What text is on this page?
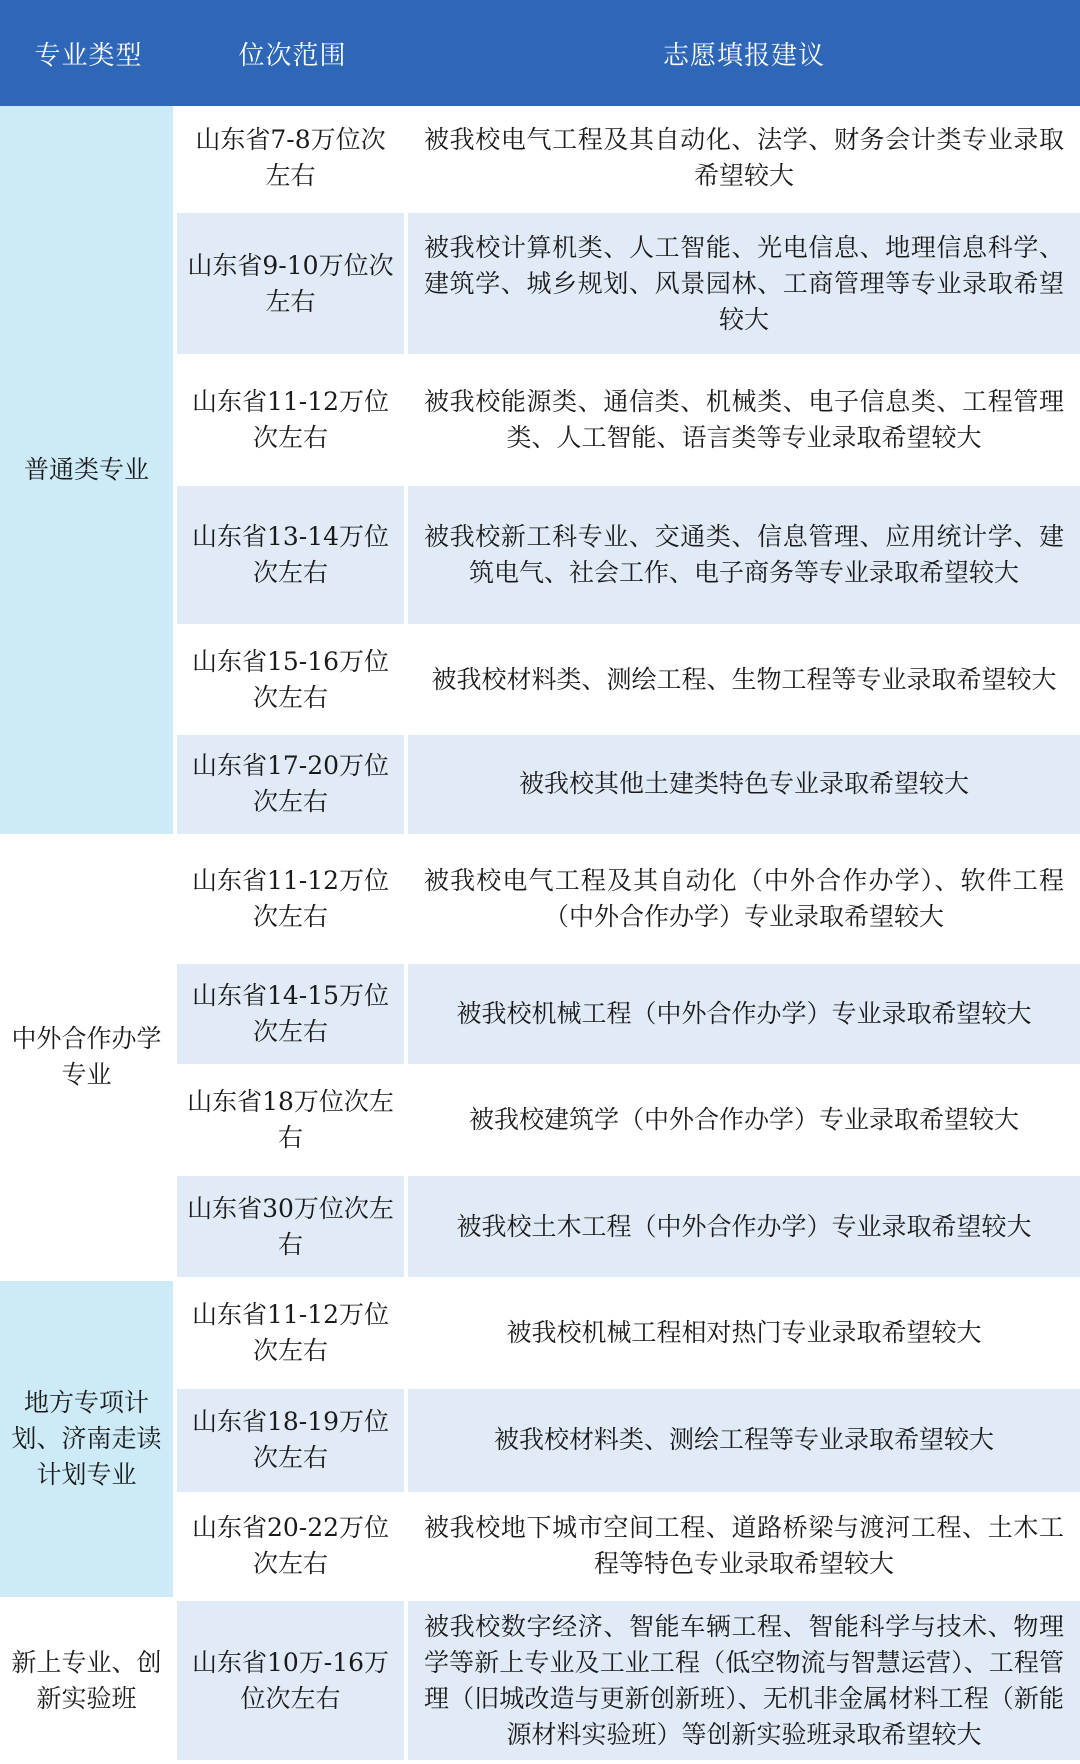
专业类型	位次范围	志愿填报建议
普通类专业	山东省7-8万位次左右	被我校电气工程及其自动化、法学、财务会计类专业录取希望较大
	山东省9-10万位次左右	被我校计算机类、人工智能、光电信息、地理信息科学、建筑学、城乡规划、风景园林、工商管理等专业录取希望较大
	山东省11-12万位次左右	被我校能源类、通信类、机械类、电子信息类、工程管理类、人工智能、语言类等专业录取希望较大
	山东省13-14万位次左右	被我校新工科专业、交通类、信息管理、应用统计学、建筑电气、社会工作、电子商务等专业录取希望较大
	山东省15-16万位次左右	被我校材料类、测绘工程、生物工程等专业录取希望较大
	山东省17-20万位次左右	被我校其他土建类特色专业录取希望较大
中外合作办学专业	山东省11-12万位次左右	被我校电气工程及其自动化（中外合作办学）、软件工程（中外合作办学）专业录取希望较大
	山东省14-15万位次左右	被我校机械工程（中外合作办学）专业录取希望较大
	山东省18万位次左右	被我校建筑学（中外合作办学）专业录取希望较大
	山东省30万位次左右	被我校土木工程（中外合作办学）专业录取希望较大
地方专项计划、济南走读计划专业	山东省11-12万位次左右	被我校机械工程相对热门专业录取希望较大
	山东省18-19万位次左右	被我校材料类、测绘工程等专业录取希望较大
	山东省20-22万位次左右	被我校地下城市空间工程、道路桥梁与渡河工程、土木工程等特色专业录取希望较大
新上专业、创新实验班	山东省10万-16万位次左右	被我校数字经济、智能车辆工程、智能科学与技术、物理学等新上专业及工业工程（低空物流与智慧运营）、工程管理（旧城改造与更新创新班）、无机非金属材料工程（新能源材料实验班）等创新实验班录取希望较大
